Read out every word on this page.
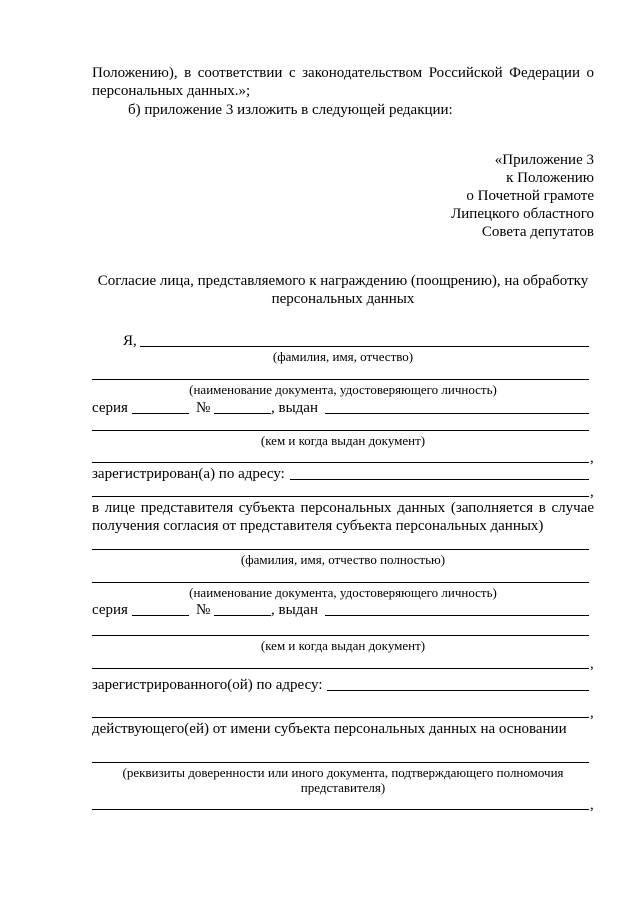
Положению), в соответствии с законодательством Российской Федерации о
персональных данных.»;
б) приложение 3 изложить в следующей редакции:
«Приложение 3
к Положению
о Почетной грамоте
Липецкого областного
Совета депутатов
Согласие лица, представляемого к награждению (поощрению), на обработку
персональных данных
Я,
(фамилия, имя, отчество)
(наименование документа, удостоверяющего личность)
серия	№	, выдан
(кем и когда выдан документ)
,
зарегистрирован(а) по адресу:
,
в лице представителя субъекта персональных данных (заполняется в случае
получения согласия от представителя субъекта персональных данных)
(фамилия, имя, отчество полностью)
(наименование документа, удостоверяющего личность)
серия	№	, выдан
(кем и когда выдан документ)
,
зарегистрированного(ой) по адресу:
,
действующего(ей) от имени субъекта персональных данных на основании
(реквизиты доверенности или иного документа, подтверждающего полномочия
представителя)
,
